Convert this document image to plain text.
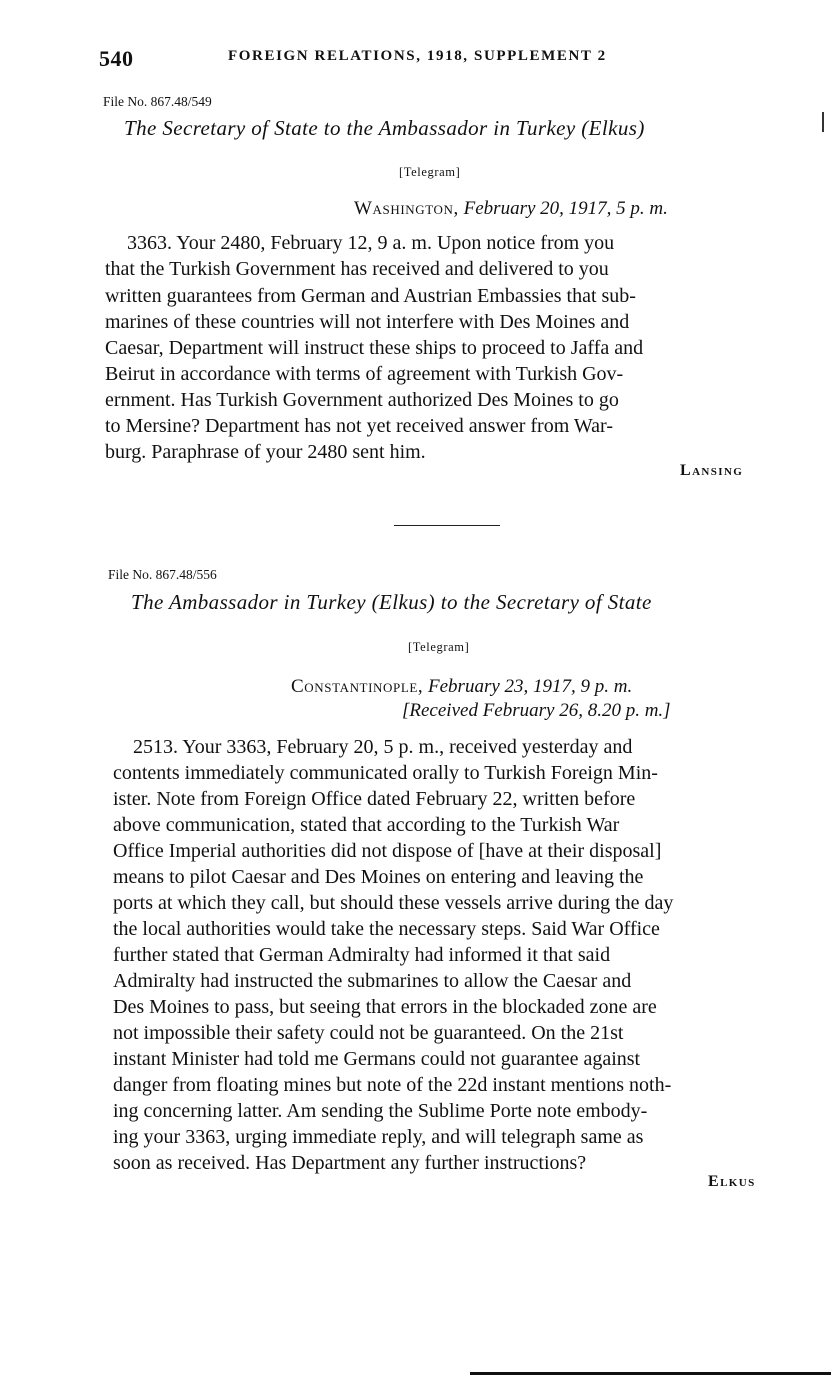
540	FOREIGN RELATIONS, 1918, SUPPLEMENT 2
File No. 867.48/549
The Secretary of State to the Ambassador in Turkey (Elkus)
[Telegram]
Washington, February 20, 1917, 5 p. m.
3363. Your 2480, February 12, 9 a. m. Upon notice from you
that the Turkish Government has received and delivered to you
written guarantees from German and Austrian Embassies that sub-
marines of these countries will not interfere with Des Moines and
Caesar, Department will instruct these ships to proceed to Jaffa and
Beirut in accordance with terms of agreement with Turkish Gov-
ernment. Has Turkish Government authorized Des Moines to go
to Mersine? Department has not yet received answer from War-
burg. Paraphrase of your 2480 sent him.
Lansing
File No. 867.48/556
The Ambassador in Turkey (Elkus) to the Secretary of State
[Telegram]
Constantinople, February 23, 1917, 9 p. m.
[Received February 26, 8.20 p. m.]
2513. Your 3363, February 20, 5 p. m., received yesterday and
contents immediately communicated orally to Turkish Foreign Min-
ister. Note from Foreign Office dated February 22, written before
above communication, stated that according to the Turkish War
Office Imperial authorities did not dispose of [have at their disposal]
means to pilot Caesar and Des Moines on entering and leaving the
ports at which they call, but should these vessels arrive during the day
the local authorities would take the necessary steps. Said War Office
further stated that German Admiralty had informed it that said
Admiralty had instructed the submarines to allow the Caesar and
Des Moines to pass, but seeing that errors in the blockaded zone are
not impossible their safety could not be guaranteed. On the 21st
instant Minister had told me Germans could not guarantee against
danger from floating mines but note of the 22d instant mentions noth-
ing concerning latter. Am sending the Sublime Porte note embody-
ing your 3363, urging immediate reply, and will telegraph same as
soon as received. Has Department any further instructions?
Elkus
